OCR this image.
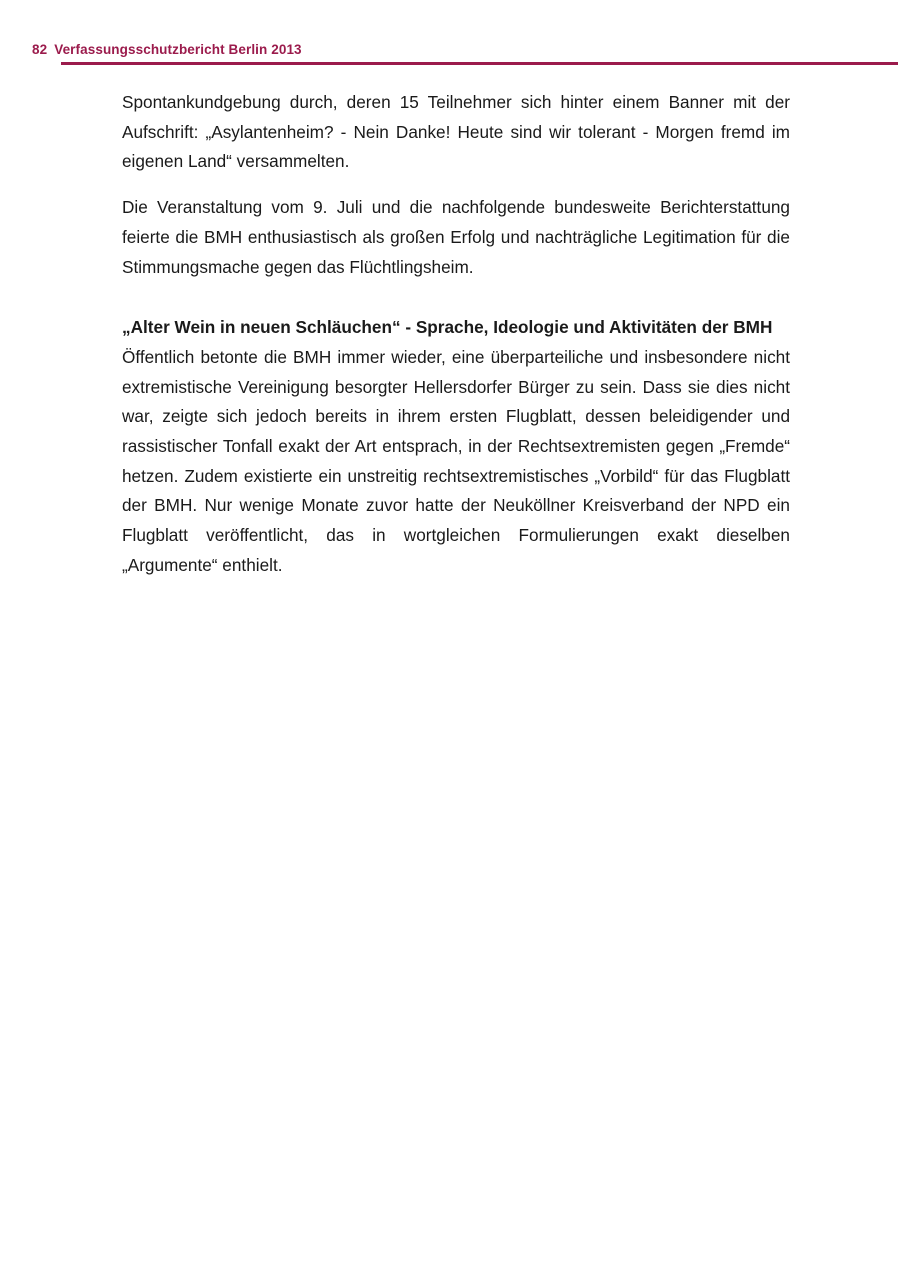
82 Verfassungsschutzbericht Berlin 2013

Spontankundgebung durch, deren 15 Teilnehmer sich hinter einem Banner mit der Aufschrift: „Asylantenheim? - Nein Danke! Heute sind wir tolerant - Morgen fremd im eigenen Land“ versammelten.

Die Veranstaltung vom 9. Juli und die nachfolgende bundesweite Berichterstattung feierte die BMH enthusiastisch als großen Erfolg und nachträgliche Legitimation für die Stimmungsmache gegen das Flüchtlingsheim.

„Alter Wein in neuen Schläuchen“ - Sprache, Ideologie und Aktivitäten der BMH

Öffentlich betonte die BMH immer wieder, eine überparteiliche und insbesondere nicht extremistische Vereinigung besorgter Hellersdorfer Bürger zu sein. Dass sie dies nicht war, zeigte sich jedoch bereits in ihrem ersten Flugblatt, dessen beleidigender und rassistischer Tonfall exakt der Art entsprach, in der Rechtsextremisten gegen „Fremde“ hetzen. Zudem existierte ein unstreitig rechtsextremistisches „Vorbild“ für das Flugblatt der BMH. Nur wenige Monate zuvor hatte der Neuköllner Kreisverband der NPD ein Flugblatt veröffentlicht, das in wortgleichen Formulierungen exakt dieselben „Argumente“ enthielt.
